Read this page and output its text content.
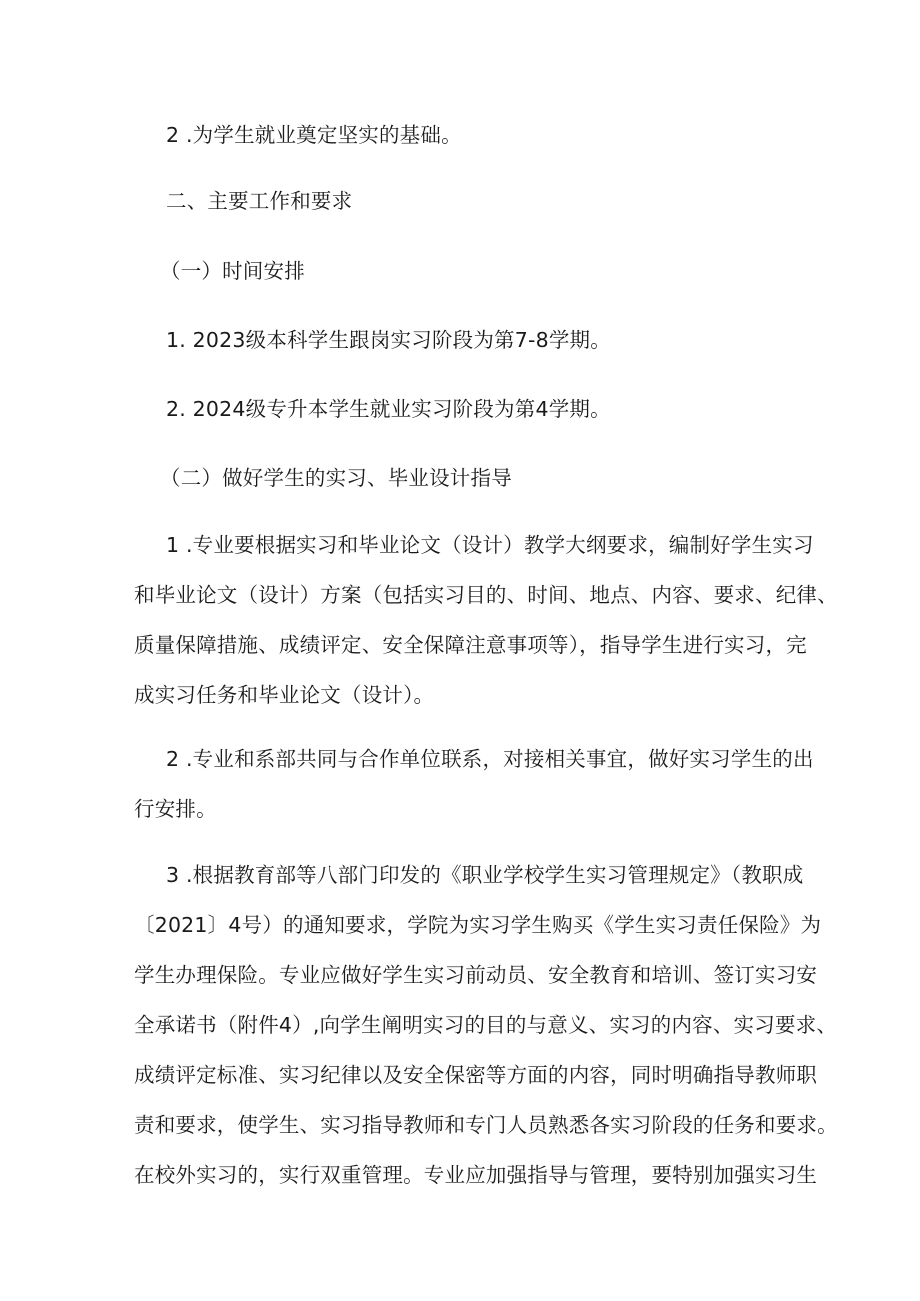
2 .为学生就业奠定坚实的基础。
二、主要工作和要求
（一）时间安排
1. 2023级本科学生跟岗实习阶段为第7-8学期。
2. 2024级专升本学生就业实习阶段为第4学期。
（二）做好学生的实习、毕业设计指导
1 .专业要根据实习和毕业论文（设计）教学大纲要求，编制好学生实习
和毕业论文（设计）方案（包括实习目的、时间、地点、内容、要求、纪律、
质量保障措施、成绩评定、安全保障注意事项等），指导学生进行实习，完
成实习任务和毕业论文（设计）。
2 .专业和系部共同与合作单位联系，对接相关事宜，做好实习学生的出
行安排。
3 .根据教育部等八部门印发的《职业学校学生实习管理规定》（教职成
〔2021〕4号）的通知要求，学院为实习学生购买《学生实习责任保险》为
学生办理保险。专业应做好学生实习前动员、安全教育和培训、签订实习安
全承诺书（附件4）,向学生阐明实习的目的与意义、实习的内容、实习要求、
成绩评定标准、实习纪律以及安全保密等方面的内容，同时明确指导教师职
责和要求，使学生、实习指导教师和专门人员熟悉各实习阶段的任务和要求。
在校外实习的，实行双重管理。专业应加强指导与管理，要特别加强实习生
